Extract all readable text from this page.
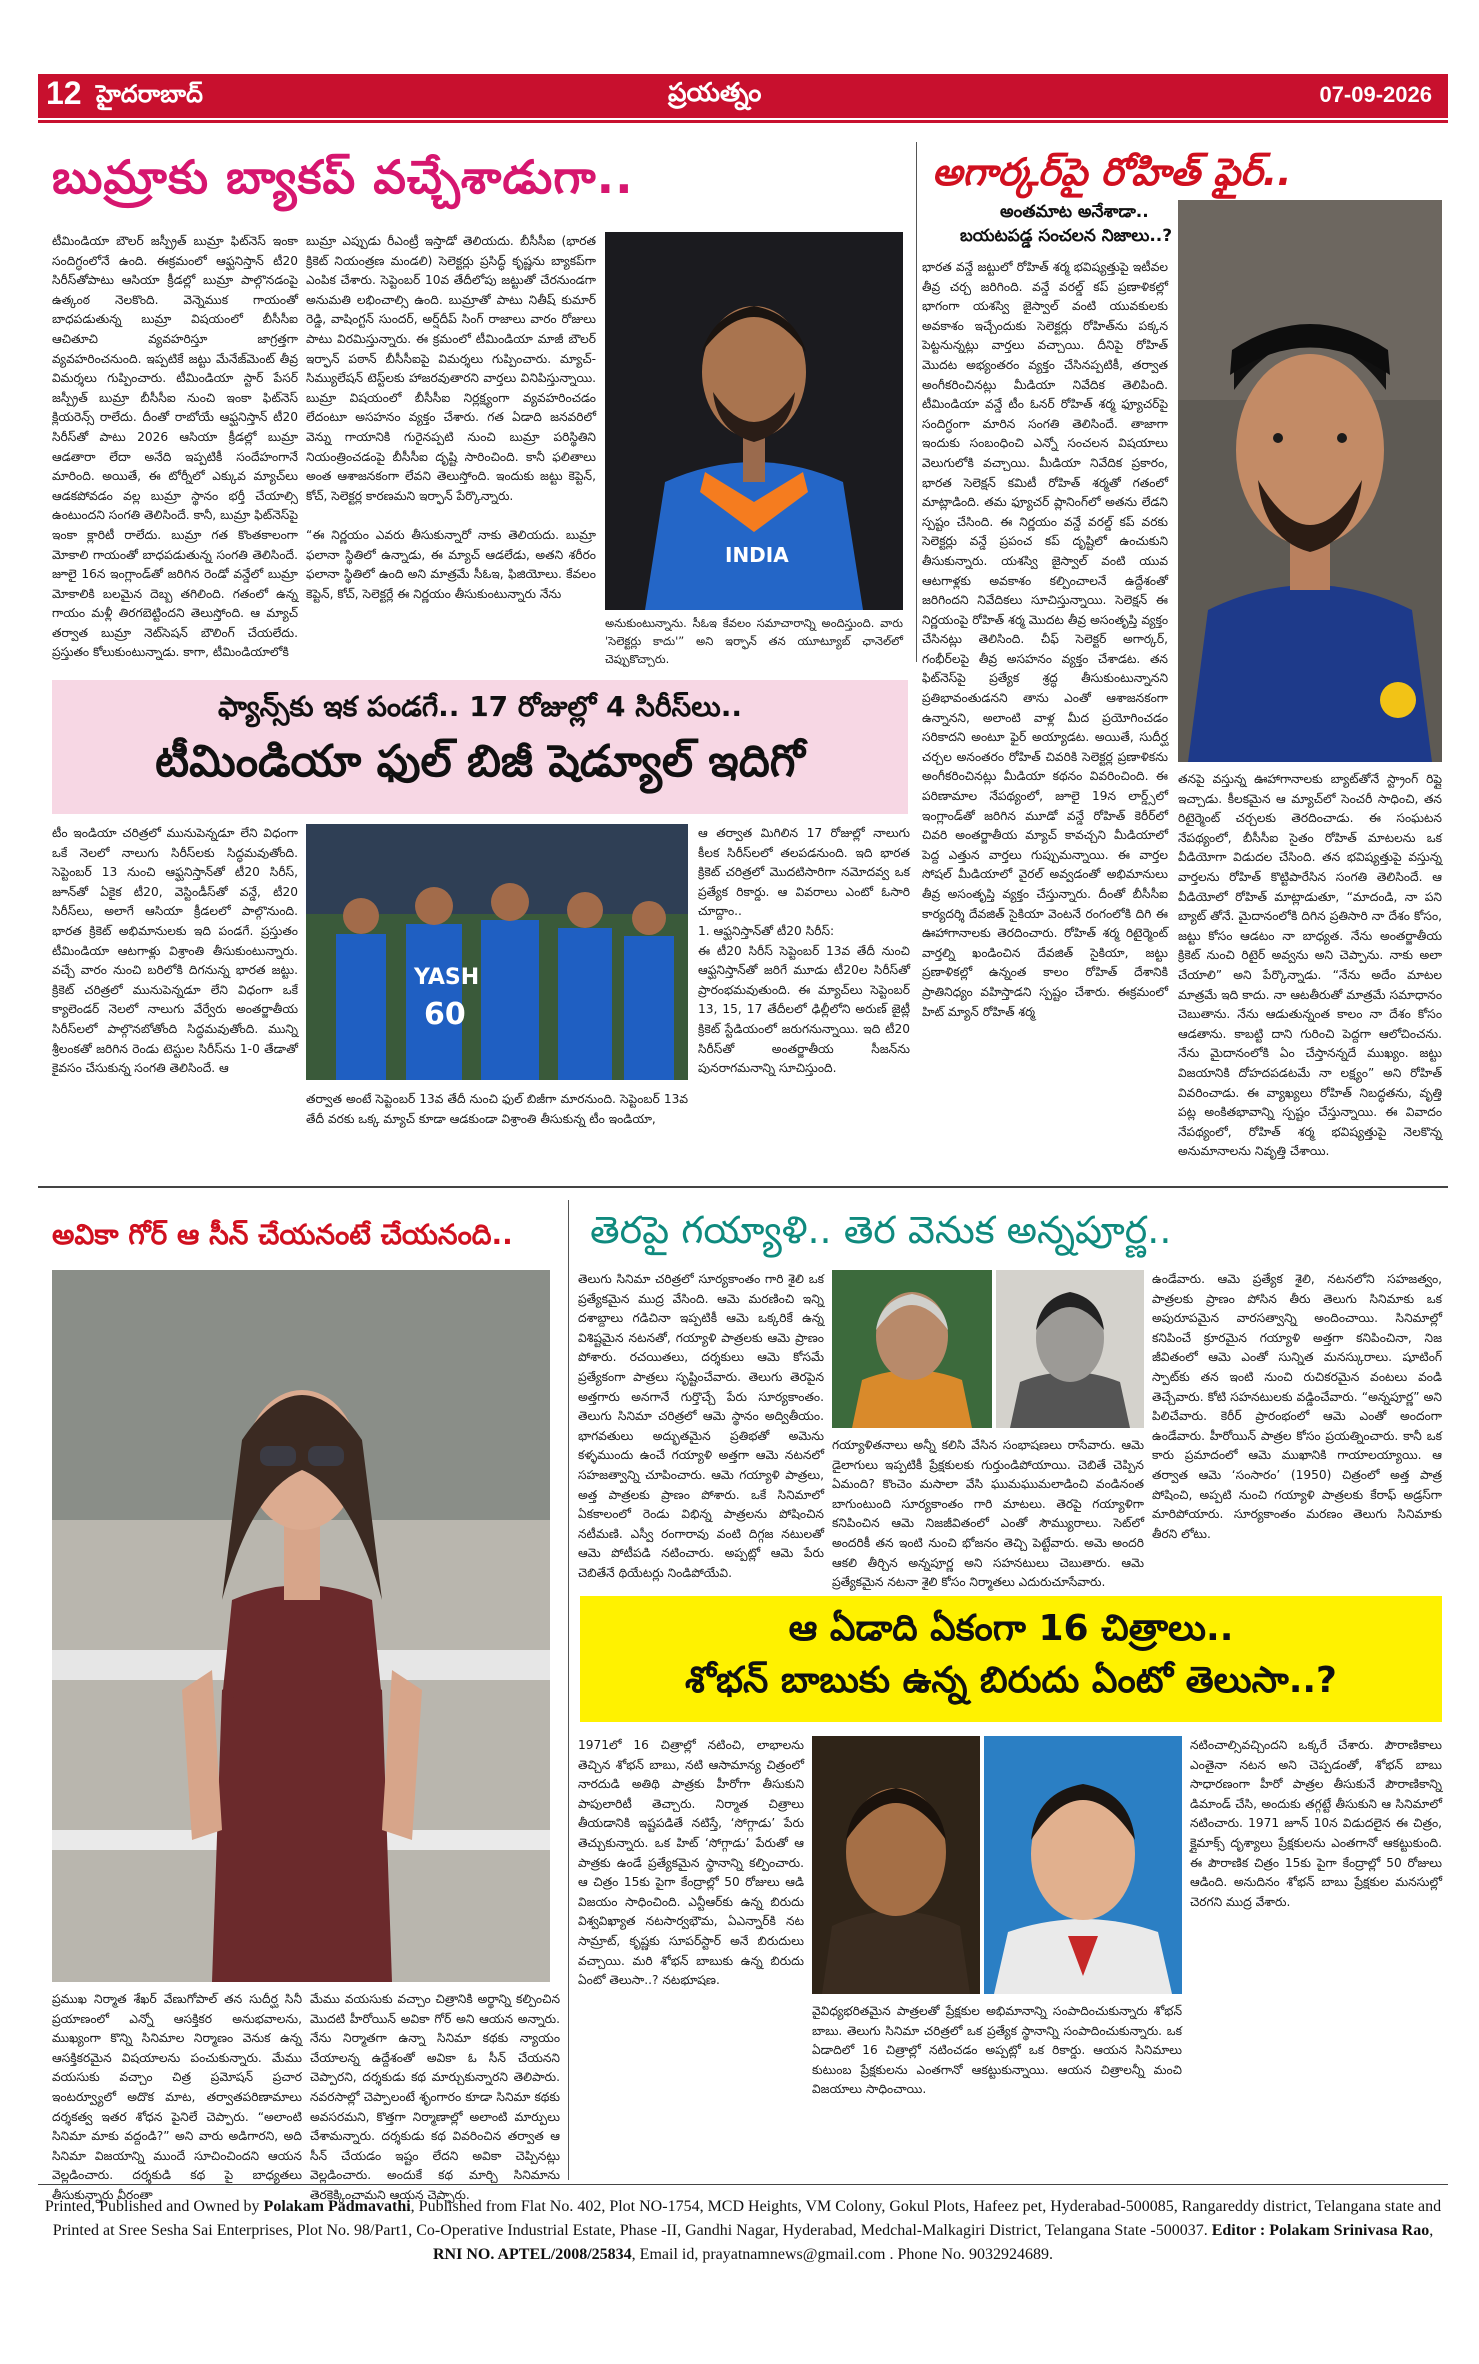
12 హైదరాబాద్	ప్రయత్నం	07-09-2026
బుమ్రాకు బ్యాకప్ వచ్చేశాడుగా..
టీమిండియా బౌలర్ జస్ప్రీత్ బుమ్రా ఫిట్‌నెస్ ఇంకా సందిగ్ధంలోనే ఉంది. ఈక్రమంలో ఆఫ్ఘనిస్తాన్ టీ20 సిరీస్‌తోపాటు ఆసియా క్రీడల్లో బుమ్రా పాల్గొనడంపై ఉత్కంఠ నెలకొంది. వెన్నెముక గాయంతో బాధపడుతున్న బుమ్రా విషయంలో బీసీసీఐ ఆచితూచి వ్యవహరిస్తూ జాగ్రత్తగా వ్యవహరించనుంది. ఇప్పటికే జట్టు మేనేజ్‌మెంట్ తీవ్ర విమర్శలు గుప్పించారు. టీమిండియా స్టార్ పేసర్ జస్ప్రీత్ బుమ్రా బీసీసీఐ నుంచి ఇంకా ఫిట్‌నెస్ క్లియరెన్స్ రాలేదు. దీంతో రాబోయే ఆఫ్ఘనిస్తాన్ టీ20 సిరీస్‌తో పాటు 2026 ఆసియా క్రీడల్లో బుమ్రా ఆడతారా లేదా అనేది ఇప్పటికీ సందేహంగానే మారింది. అయితే, ఈ టోర్నీలో ఎక్కువ మ్యాచ్‌లు ఆడకపోవడం వల్ల బుమ్రా స్థానం భర్తీ చేయాల్సి ఉంటుందని సంగతి తెలిసిందే. కానీ, బుమ్రా ఫిట్‌నెస్‌పై ఇంకా క్లారిటీ రాలేదు. బుమ్రా గత కొంతకాలంగా మోకాలి గాయంతో బాధపడుతున్న సంగతి తెలిసిందే. జూలై 16న ఇంగ్లాండ్‌తో జరిగిన రెండో వన్డేలో బుమ్రా మోకాలికి బలమైన దెబ్బ తగిలింది. గతంలో ఉన్న గాయం మళ్లీ తిరగబెట్టిందని తెలుస్తోంది. ఆ మ్యాచ్ తర్వాత బుమ్రా నెట్‌సెషన్ బౌలింగ్ చేయలేదు. ప్రస్తుతం కోలుకుంటున్నాడు. కాగా, టీమిండియాలోకి
బుమ్రా ఎప్పుడు రీఎంట్రీ ఇస్తాడో తెలియదు. బీసీసీఐ (భారత క్రికెట్ నియంత్రణ మండలి) సెలెక్టర్లు ప్రసిద్ధ్ కృష్ణను బ్యాకప్‌గా ఎంపిక చేశారు. సెప్టెంబర్ 10వ తేదీలోపు జట్టుతో చేరనుండగా అనుమతి లభించాల్సి ఉంది. బుమ్రాతో పాటు నితీష్ కుమార్ రెడ్డి, వాషింగ్టన్ సుందర్, అర్ష్‌దీప్ సింగ్ రాజాలు వారం రోజులు పాటు విరమిస్తున్నారు. ఈ క్రమంలో టీమిండియా మాజీ బౌలర్ ఇర్ఫాన్ పఠాన్ బీసీసీఐపై విమర్శలు గుప్పించారు. మ్యాచ్-సిమ్యులేషన్ టెస్ట్‌లకు హాజరవుతారని వార్తలు వినిపిస్తున్నాయి. బుమ్రా విషయంలో బీసీసీఐ నిర్లక్ష్యంగా వ్యవహరించడం లేదంటూ అసహనం వ్యక్తం చేశారు. గత ఏడాది జనవరిలో వెన్ను గాయానికి గురైనప్పటి నుంచి బుమ్రా పరిస్థితిని నియంత్రించడంపై బీసీసీఐ దృష్టి సారించింది. కానీ ఫలితాలు అంత ఆశాజనకంగా లేవని తెలుస్తోంది. ఇందుకు జట్టు కెప్టెన్, కోచ్, సెలెక్టర్ల కారణమని ఇర్ఫాన్ పేర్కొన్నారు.

“ఈ నిర్ణయం ఎవరు తీసుకున్నారో నాకు తెలియదు. బుమ్రా ఫలానా స్థితిలో ఉన్నాడు, ఈ మ్యాచ్ ఆడలేడు, అతని శరీరం ఫలానా స్థితిలో ఉంది అని మాత్రమే సీఓఇ, ఫిజియోలు. కేవలం కెప్టెన్, కోచ్, సెలెక్టర్లే ఈ నిర్ణయం తీసుకుంటున్నారు నేను
INDIA
అనుకుంటున్నాను. సీఓఇ కేవలం సమాచారాన్ని అందిస్తుంది. వారు 'సెలెక్టర్లు కాదు'” అని ఇర్ఫాన్ తన యూట్యూబ్ ఛానెల్‌లో చెప్పుకొచ్చారు.
అగార్కర్‌పై రోహిత్ ఫైర్..
అంతమాట అనేశాడా..
బయటపడ్డ సంచలన నిజాలు..?
భారత వన్డే జట్టులో రోహిత్ శర్మ భవిష్యత్తుపై ఇటీవల తీవ్ర చర్చ జరిగింది. వన్డే వరల్డ్ కప్ ప్రణాళికల్లో భాగంగా యశస్వి జైస్వాల్ వంటి యువకులకు అవకాశం ఇచ్చేందుకు సెలెక్టర్లు రోహిత్‌ను పక్కన పెట్టనున్నట్లు వార్తలు వచ్చాయి. దీనిపై రోహిత్ మొదట అభ్యంతరం వ్యక్తం చేసినప్పటికీ, తర్వాత అంగీకరించినట్లు మీడియా నివేదిక తెలిపింది. టీమిండియా వన్డే టీం ఓనర్ రోహిత్ శర్మ ఫ్యూచర్‌పై సందిగ్ధంగా మారిన సంగతి తెలిసిందే. తాజాగా ఇందుకు సంబంధించి ఎన్నో సంచలన విషయాలు వెలుగులోకి వచ్చాయి. మీడియా నివేదిక ప్రకారం, భారత సెలెక్షన్ కమిటీ రోహిత్ శర్మతో గతంలో మాట్లాడింది. తమ ఫ్యూచర్ ప్లానింగ్‌లో అతను లేడని స్పష్టం చేసింది. ఈ నిర్ణయం వన్డే వరల్డ్ కప్ వరకు సెలెక్టర్లు వన్డే ప్రపంచ కప్ దృష్టిలో ఉంచుకుని తీసుకున్నారు. యశస్వి జైస్వాల్ వంటి యువ ఆటగాళ్లకు అవకాశం కల్పించాలనే ఉద్దేశంతో జరిగిందని నివేదికలు సూచిస్తున్నాయి. సెలెక్షన్ ఈ నిర్ణయంపై రోహిత్ శర్మ మొదట తీవ్ర అసంతృప్తి వ్యక్తం చేసినట్లు తెలిసింది. చీఫ్ సెలెక్టర్ అగార్కర్, గంభీర్‌లపై తీవ్ర అసహనం వ్యక్తం చేశాడట. తన ఫిట్‌నెస్‌పై ప్రత్యేక శ్రద్ధ తీసుకుంటున్నానని ప్రతిభావంతుడనని తాను ఎంతో ఆశాజనకంగా ఉన్నానని, అలాంటి వాళ్ల మీద ప్రయోగించడం సరికాదని అంటూ ఫైర్ అయ్యాడట. అయితే, సుదీర్ఘ చర్చల అనంతరం రోహిత్ చివరికి సెలెక్టర్ల ప్రణాళికను అంగీకరించినట్లు మీడియా కథనం వివరించింది. ఈ పరిణామాల నేపథ్యంలో, జూలై 19న లార్డ్స్‌లో ఇంగ్లాండ్‌తో జరిగిన మూడో వన్డే రోహిత్ కెరీర్‌లో చివరి అంతర్జాతీయ మ్యాచ్ కావచ్చని మీడియాలో పెద్ద ఎత్తున వార్తలు గుప్పుమన్నాయి. ఈ వార్తల సోషల్ మీడియాలో వైరల్ అవ్వడంతో అభిమానులు తీవ్ర అసంతృప్తి వ్యక్తం చేస్తున్నారు. దీంతో బీసీసీఐ కార్యదర్శి దేవజిత్ సైకియా వెంటనే రంగంలోకి దిగి ఈ ఊహాగానాలకు తెరదించారు. రోహిత్ శర్మ రిటైర్మెంట్ వార్తల్ని ఖండించిన దేవజిత్ సైకియా, జట్టు ప్రణాళికల్లో ఉన్నంత కాలం రోహిత్ దేశానికి ప్రాతినిధ్యం వహిస్తాడని స్పష్టం చేశారు. ఈక్రమంలో హిట్ మ్యాన్ రోహిత్ శర్మ
తనపై వస్తున్న ఊహాగానాలకు బ్యాట్‌తోనే స్ట్రాంగ్ రిప్లై ఇచ్చాడు. కీలకమైన ఆ మ్యాచ్‌లో సెంచరీ సాధించి, తన రిటైర్మెంట్ చర్చలకు తెరదించాడు. ఈ సంఘటన నేపథ్యంలో, బీసీసీఐ సైతం రోహిత్ మాటలను ఒక వీడియోగా విడుదల చేసింది. తన భవిష్యత్తుపై వస్తున్న వార్తలను రోహిత్ కొట్టిపారేసిన సంగతి తెలిసిందే. ఆ వీడియోలో రోహిత్ మాట్లాడుతూ, “మాదండి, నా పని బ్యాట్ తోనే. మైదానంలోకి దిగిన ప్రతిసారి నా దేశం కోసం, జట్టు కోసం ఆడటం నా బాధ్యత. నేను అంతర్జాతీయ క్రికెట్ నుంచి రిటైర్ అవ్వను అని చెప్పాను. నాకు అలా చేయాలి” అని పేర్కొన్నాడు. “నేను అదేం మాటల మాత్రమే ఇది కాదు. నా ఆటతీరుతో మాత్రమే సమాధానం చెబుతాను. నేను ఆడుతున్నంత కాలం నా దేశం కోసం ఆడతాను. కాబట్టి దాని గురించి పెద్దగా ఆలోచించను. నేను మైదానంలోకి ఏం చేస్తానన్నదే ముఖ్యం. జట్టు విజయానికి దోహదపడటమే నా లక్ష్యం” అని రోహిత్ వివరించాడు. ఈ వ్యాఖ్యలు రోహిత్ నిబద్ధతను, వృత్తి పట్ల అంకితభావాన్ని స్పష్టం చేస్తున్నాయి. ఈ వివాదం నేపథ్యంలో, రోహిత్ శర్మ భవిష్యత్తుపై నెలకొన్న అనుమానాలను నివృత్తి చేశాయి.
ఫ్యాన్స్‌కు ఇక పండగే.. 17 రోజుల్లో 4 సిరీస్‌లు..
టీమిండియా ఫుల్ బిజీ షెడ్యూల్ ఇదిగో
టీం ఇండియా చరిత్రలో మునుపెన్నడూ లేని విధంగా ఒకే నెలలో నాలుగు సిరీస్‌లకు సిద్ధమవుతోంది. సెప్టెంబర్ 13 నుంచి ఆఫ్ఘనిస్తాన్‌తో టీ20 సిరీస్, జూన్‌తో ఏకైక టీ20, వెస్టిండీస్‌తో వన్డే, టీ20 సిరీస్‌లు, అలాగే ఆసియా క్రీడలలో పాల్గొనుంది. భారత క్రికెట్ అభిమానులకు ఇది పండగే. ప్రస్తుతం టీమిండియా ఆటగాళ్లు విశ్రాంతి తీసుకుంటున్నారు. వచ్చే వారం నుంచి బరిలోకి దిగనున్న భారత జట్టు. క్రికెట్ చరిత్రలో మునుపెన్నడూ లేని విధంగా ఒకే క్యాలెండర్ నెలలో నాలుగు వేర్వేరు అంతర్జాతీయ సిరీస్‌లలో పాల్గొనబోతోంది సిద్ధమవుతోంది. మున్ని శ్రీలంకతో జరిగిన రెండు టెస్టుల సిరీస్‌ను 1-0 తేడాతో కైవసం చేసుకున్న సంగతి తెలిసిందే. ఆ
YASH
60
తర్వాత అంటే సెప్టెంబర్ 13వ తేదీ నుంచి ఫుల్ బిజీగా మారనుంది. సెప్టెంబర్ 13వ తేదీ వరకు ఒక్క మ్యాచ్ కూడా ఆడకుండా విశ్రాంతి తీసుకున్న టీం ఇండియా,
ఆ తర్వాత మిగిలిన 17 రోజుల్లో నాలుగు కీలక సిరీస్‌లలో తలపడనుంది. ఇది భారత క్రికెట్ చరిత్రలో మొదటిసారిగా నమోదవ్వ ఒక ప్రత్యేక రికార్డు. ఆ వివరాలు ఎంటో ఓసారి చూద్దాం..
1. ఆఫ్ఘనిస్తాన్‌తో టీ20 సిరీస్:
ఈ టీ20 సిరీస్ సెప్టెంబర్ 13వ తేదీ నుంచి ఆఫ్ఘనిస్తాన్‌తో జరిగే మూడు టీ20ల సిరీస్‌తో ప్రారంభమవుతుంది. ఈ మ్యాచ్‌లు సెప్టెంబర్ 13, 15, 17 తేదీలలో ఢిల్లీలోని అరుణ్ జైట్లీ క్రికెట్ స్టేడియంలో జరుగనున్నాయి. ఇది టీ20 సిరీస్‌తో అంతర్జాతీయ సీజన్‌ను పునరాగమనాన్ని సూచిస్తుంది.
అవికా గోర్ ఆ సీన్ చేయనంటే చేయనంది..
ప్రముఖ నిర్మాత శేఖర్ వేణుగోపాల్ తన సుదీర్ఘ సినీ ప్రయాణంలో ఎన్నో ఆసక్తికర అనుభవాలను, ముఖ్యంగా కొన్ని సినిమాల నిర్మాణం వెనుక ఉన్న ఆసక్తికరమైన విషయాలను పంచుకున్నారు. మేము వయసుకు వచ్చాం చిత్ర ప్రమోషన్ ప్రచార ఇంటర్వ్యూలో అదొక మాట, తర్వాతపరిణామాలు దర్శకత్వ ఇతర శోధన పైనిలే చెప్పారు. “అలాంటి సినిమా మాకు వద్దండి?” అని వారు అడిగారని, అది సినిమా విజయాన్ని ముందే సూచించిందని ఆయన వెల్లడించారు. దర్శకుడి కథ పై బాధ్యతలు తీసుకున్నారు వీరంతా
మేము వయసుకు వచ్చాం చిత్రానికి అర్థాన్ని కల్పించిన మొదటి హీరోయిన్ అవికా గోర్ అని ఆయన అన్నారు. నేను నిర్మాతగా ఉన్నా సినిమా కథకు న్యాయం చేయాలన్న ఉద్దేశంతో అవికా ఓ సీన్ చేయనని చెప్పారని, దర్శకుడు కథ మార్చుకున్నారని తెలిపారు. నవరసాల్లో చెప్పాలంటే శృంగారం కూడా సినిమా కథకు అవసరమని, కొత్తగా నిర్మాణాల్లో అలాంటి మార్పులు చేశామన్నారు. దర్శకుడు కథ వివరించిన తర్వాత ఆ సీన్ చేయడం ఇష్టం లేదని అవికా చెప్పినట్లు వెల్లడించారు. అందుకే కథ మార్చి సినిమాను తెరకెక్కించామని ఆయన చెప్పారు.
తెరపై గయ్యాళి.. తెర వెనుక అన్నపూర్ణ..
తెలుగు సినిమా చరిత్రలో సూర్యకాంతం గారి శైలి ఒక ప్రత్యేకమైన ముద్ర వేసింది. ఆమె మరణించి ఇన్ని దశాబ్దాలు గడిచినా ఇప్పటికీ ఆమె ఒక్కరికే ఉన్న విశిష్టమైన నటనతో, గయ్యాళి పాత్రలకు ఆమె ప్రాణం పోశారు. రచయితలు, దర్శకులు ఆమె కోసమే ప్రత్యేకంగా పాత్రలు సృష్టించేవారు. తెలుగు తెరపైన అత్తగారు అనగానే గుర్తొచ్చే పేరు సూర్యకాంతం. తెలుగు సినిమా చరిత్రలో ఆమె స్థానం అద్వితీయం. భాగవతులు అద్భుతమైన ప్రతిభతో అమెను కళ్ళముందు ఉంచే గయ్యాళి అత్తగా ఆమె నటనలో సహజత్వాన్ని చూపించారు. ఆమె గయ్యాళి పాత్రలు, అత్త పాత్రలకు ప్రాణం పోశారు. ఒకే సినిమాలో ఏకకాలంలో రెండు విభిన్న పాత్రలను పోషించిన నటీమణి. ఎస్వీ రంగారావు వంటి దిగ్గజ నటులతో ఆమె పోటీపడి నటించారు. అప్పట్లో ఆమె పేరు చెబితేనే థియేటర్లు నిండిపోయేవి.
గయ్యాళితనాలు అన్నీ కలిసి వేసిన సంభాషణలు రాసేవారు. ఆమె డైలాగులు ఇప్పటికీ ప్రేక్షకులకు గుర్తుండిపోయాయి. చెబితే చెప్పిన ఏమంది? కొంచెం మసాలా వేసి ఘుమఘుమలాడించి వండినంత బాగుంటుంది సూర్యకాంతం గారి మాటలు. తెరపై గయ్యాళిగా కనిపించిన ఆమె నిజజీవితంలో ఎంతో సౌమ్యురాలు. సెట్‌లో అందరికీ తన ఇంటి నుంచి భోజనం తెచ్చి పెట్టేవారు. అమె అందరి ఆకలి తీర్చిన అన్నపూర్ణ అని సహనటులు చెబుతారు. ఆమె ప్రత్యేకమైన నటనా శైలి కోసం నిర్మాతలు ఎదురుచూసేవారు.
ఉండేవారు. ఆమె ప్రత్యేక శైలి, నటనలోని సహజత్వం, పాత్రలకు ప్రాణం పోసిన తీరు తెలుగు సినిమాకు ఒక అపురూపమైన వారసత్వాన్ని అందించాయి. సినిమాల్లో కనిపించే క్రూరమైన గయ్యాళి అత్తగా కనిపించినా, నిజ జీవితంలో ఆమె ఎంతో సున్నిత మనస్కురాలు. షూటింగ్ స్పాట్‌కు తన ఇంటి నుంచి రుచికరమైన వంటలు వండి తెచ్చేవారు. కోటి సహనటులకు వడ్డించేవారు. “అన్నపూర్ణ” అని పిలిచేవారు. కెరీర్ ప్రారంభంలో ఆమె ఎంతో అందంగా ఉండేవారు. హీరోయిన్ పాత్రల కోసం ప్రయత్నించారు. కానీ ఒక కారు ప్రమాదంలో ఆమె ముఖానికి గాయాలయ్యాయి. ఆ తర్వాత ఆమె ‘సంసారం’ (1950) చిత్రంలో అత్త పాత్ర పోషించి, అప్పటి నుంచి గయ్యాళి పాత్రలకు కేరాఫ్ అడ్రస్‌గా మారిపోయారు. సూర్యకాంతం మరణం తెలుగు సినిమాకు తీరని లోటు.
ఆ ఏడాది ఏకంగా 16 చిత్రాలు..
శోభన్ బాబుకు ఉన్న బిరుదు ఏంటో తెలుసా..?
1971లో 16 చిత్రాల్లో నటించి, లాభాలను తెచ్చిన శోభన్ బాబు, నటి ఆసామాన్య చిత్రంలో నారదుడి అతిథి పాత్రకు హీరోగా తీసుకుని పాపులారిటీ తెచ్చారు. నిర్మాత చిత్రాలు తీయడానికి ఇష్టపడితే నటిస్తే, ‘సోగ్గాడు’ పేరు తెచ్చుకున్నారు. ఒక హిట్ ‘సోగ్గాడు’ పేరుతో ఆ పాత్రకు ఉండే ప్రత్యేకమైన స్థానాన్ని కల్పించారు. ఆ చిత్రం 15కు పైగా కేంద్రాల్లో 50 రోజులు ఆడి విజయం సాధించింది. ఎన్టీఆర్‌కు ఉన్న బిరుదు విశ్వవిఖ్యాత నటసార్వభౌమ, ఏఎన్నార్‌కి నట సామ్రాట్, కృష్ణకు సూపర్‌స్టార్ అనే బిరుదులు వచ్చాయి. మరి శోభన్ బాబుకు ఉన్న బిరుదు ఏంటో తెలుసా..? నటభూషణ.
వైవిధ్యభరితమైన పాత్రలతో ప్రేక్షకుల అభిమానాన్ని సంపాదించుకున్నారు శోభన్ బాబు. తెలుగు సినిమా చరిత్రలో ఒక ప్రత్యేక స్థానాన్ని సంపాదించుకున్నారు. ఒక ఏడాదిలో 16 చిత్రాల్లో నటించడం అప్పట్లో ఒక రికార్డు. ఆయన సినిమాలు కుటుంబ ప్రేక్షకులను ఎంతగానో ఆకట్టుకున్నాయి. ఆయన చిత్రాలన్నీ మంచి విజయాలు సాధించాయి.
నటించాల్సివచ్చిందని ఒక్కరే చేశారు. పౌరాణికాలు ఎంతైనా నటన అని చెప్పడంతో, శోభన్ బాబు సాధారణంగా హీరో పాత్రల తీసుకునే పౌరాణికాన్ని డిమాండ్ చేసి, అందుకు తగ్గట్టే తీసుకుని ఆ సినిమాలో నటించారు. 1971 జూన్ 10న విడుదలైన ఈ చిత్రం, క్లైమాక్స్ దృశ్యాలు ప్రేక్షకులను ఎంతగానో ఆకట్టుకుంది. ఈ పౌరాణిక చిత్రం 15కు పైగా కేంద్రాల్లో 50 రోజులు ఆడింది. అనుదినం శోభన్ బాబు ప్రేక్షకుల మనసుల్లో చెరగని ముద్ర వేశారు.
Printed, Published and Owned by Polakam Padmavathi, Published from Flat No. 402, Plot NO-1754, MCD Heights, VM Colony, Gokul Plots, Hafeez pet, Hyderabad-500085, Rangareddy district, Telangana state and Printed at Sree Sesha Sai Enterprises, Plot No. 98/Part1, Co-Operative Industrial Estate, Phase -II, Gandhi Nagar, Hyderabad, Medchal-Malkagiri District, Telangana State -500037. Editor : Polakam Srinivasa Rao, RNI NO. APTEL/2008/25834, Email id, prayatnamnews@gmail.com . Phone No. 9032924689.
